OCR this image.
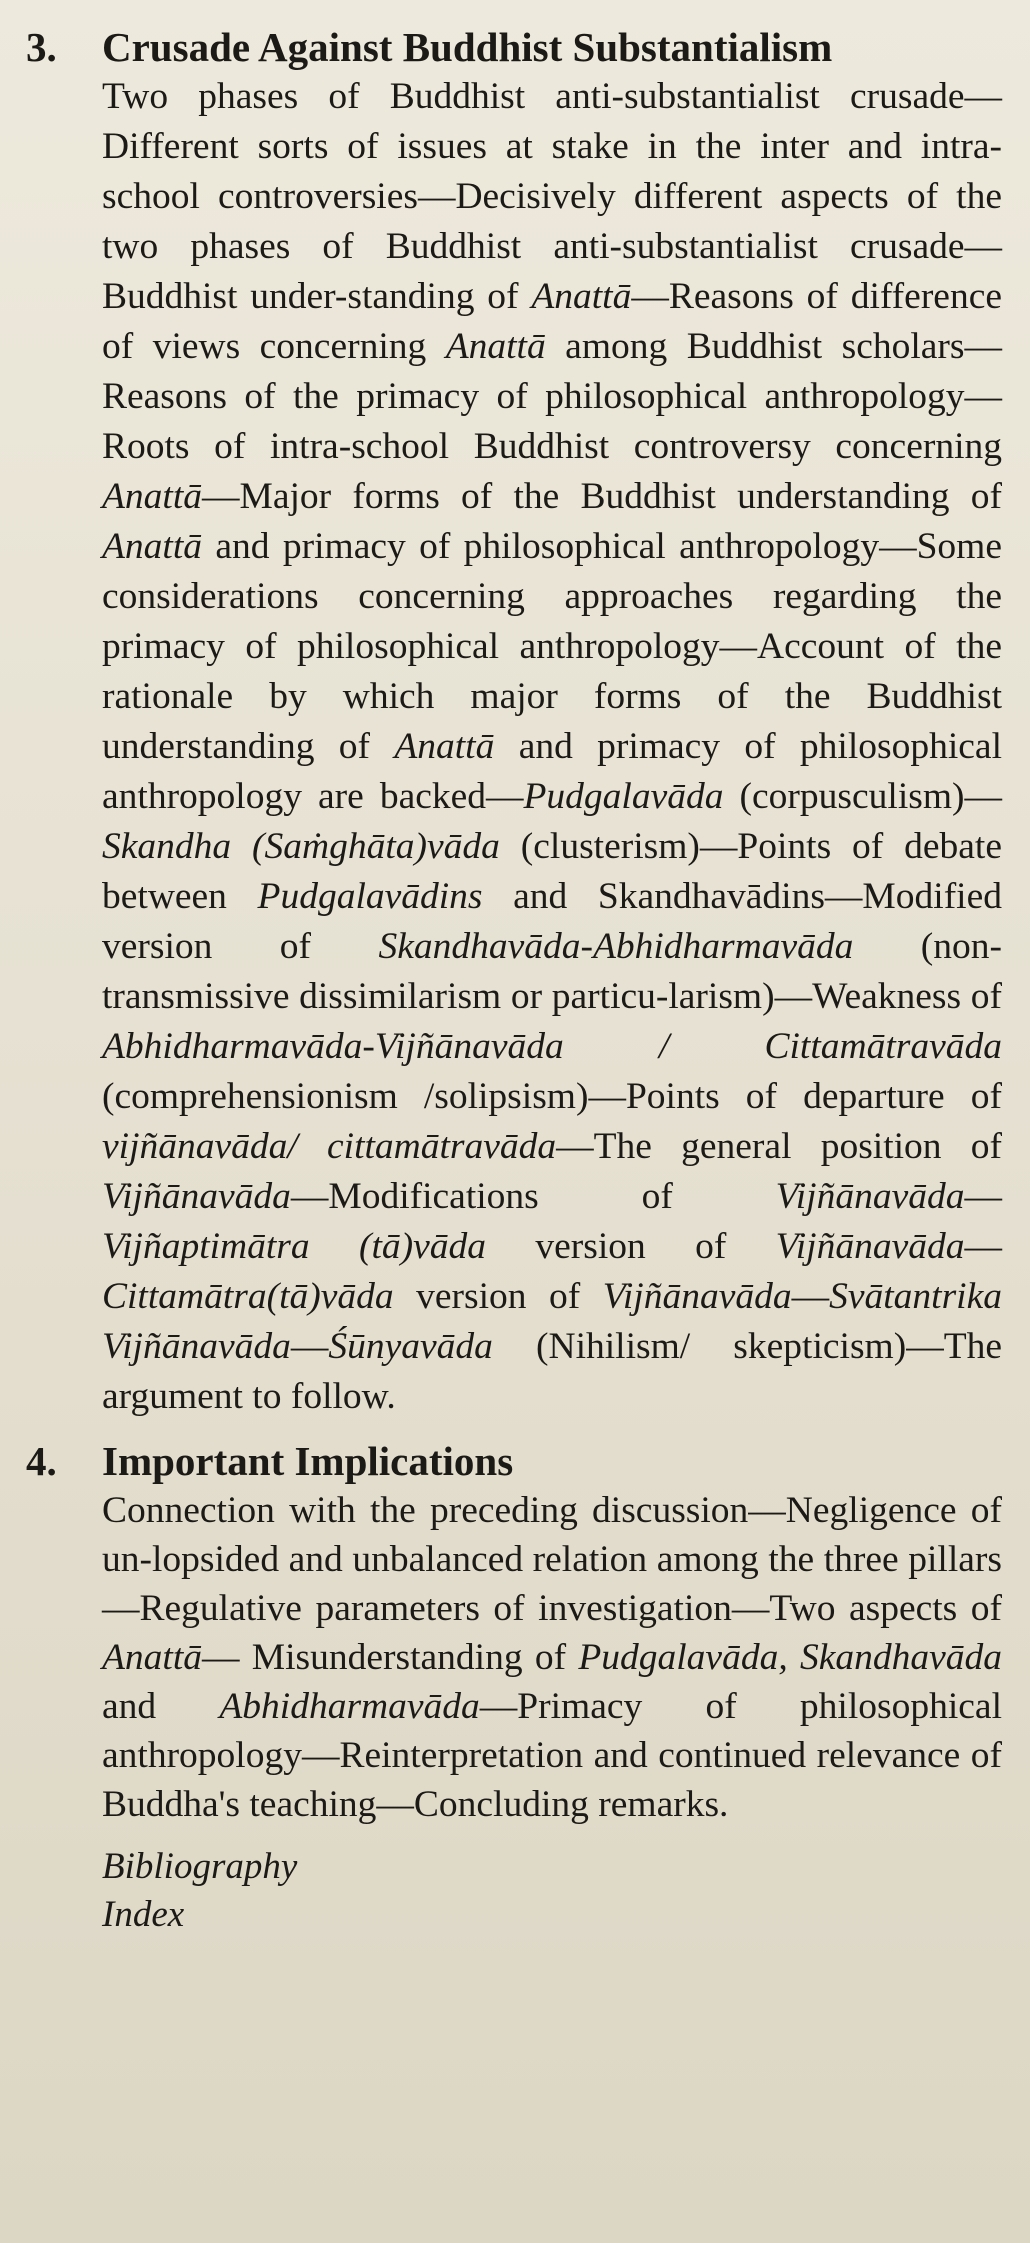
3. Crusade Against Buddhist Substantialism

Two phases of Buddhist anti-substantialist crusade—Different sorts of issues at stake in the inter and intra-school controversies—Decisively different aspects of the two phases of Buddhist anti-substantialist crusade—Buddhist under-standing of Anattā—Reasons of difference of views concerning Anattā among Buddhist scholars—Reasons of the primacy of philosophical anthropology—Roots of intra-school Buddhist controversy concerning Anattā—Major forms of the Buddhist understanding of Anattā and primacy of philosophical anthropology—Some considerations concerning approaches regarding the primacy of philosophical anthropology—Account of the rationale by which major forms of the Buddhist understanding of Anattā and primacy of philosophical anthropology are backed—Pudgalavāda (corpusculism)—Skandha (Saṁghāta)vāda (clusterism)—Points of debate between Pudgalavādins and Skandhavādins—Modified version of Skandhavāda-Abhidharmavāda (non-transmissive dissimilarism or particu-larism)—Weakness of Abhidharmavāda-Vijñānavāda / Cittamātravāda (comprehensionism /solipsism)—Points of departure of vijñānavāda/ cittamātravāda—The general position of Vijñānavāda—Modifications of Vijñānavāda—Vijñaptimātra (tā)vāda version of Vijñānavāda—Cittamātra(tā)vāda version of Vijñānavāda—Svātantrika Vijñānavāda—Śūnyavāda (Nihilism/ skepticism)—The argument to follow.

4. Important Implications

Connection with the preceding discussion—Negligence of un-lopsided and unbalanced relation among the three pillars—Regulative parameters of investigation—Two aspects of Anattā— Misunderstanding of Pudgalavāda, Skandhavāda and Abhidharmavāda—Primacy of philosophical anthropology—Reinterpretation and continued relevance of Buddha's teaching—Concluding remarks.

Bibliography
Index
